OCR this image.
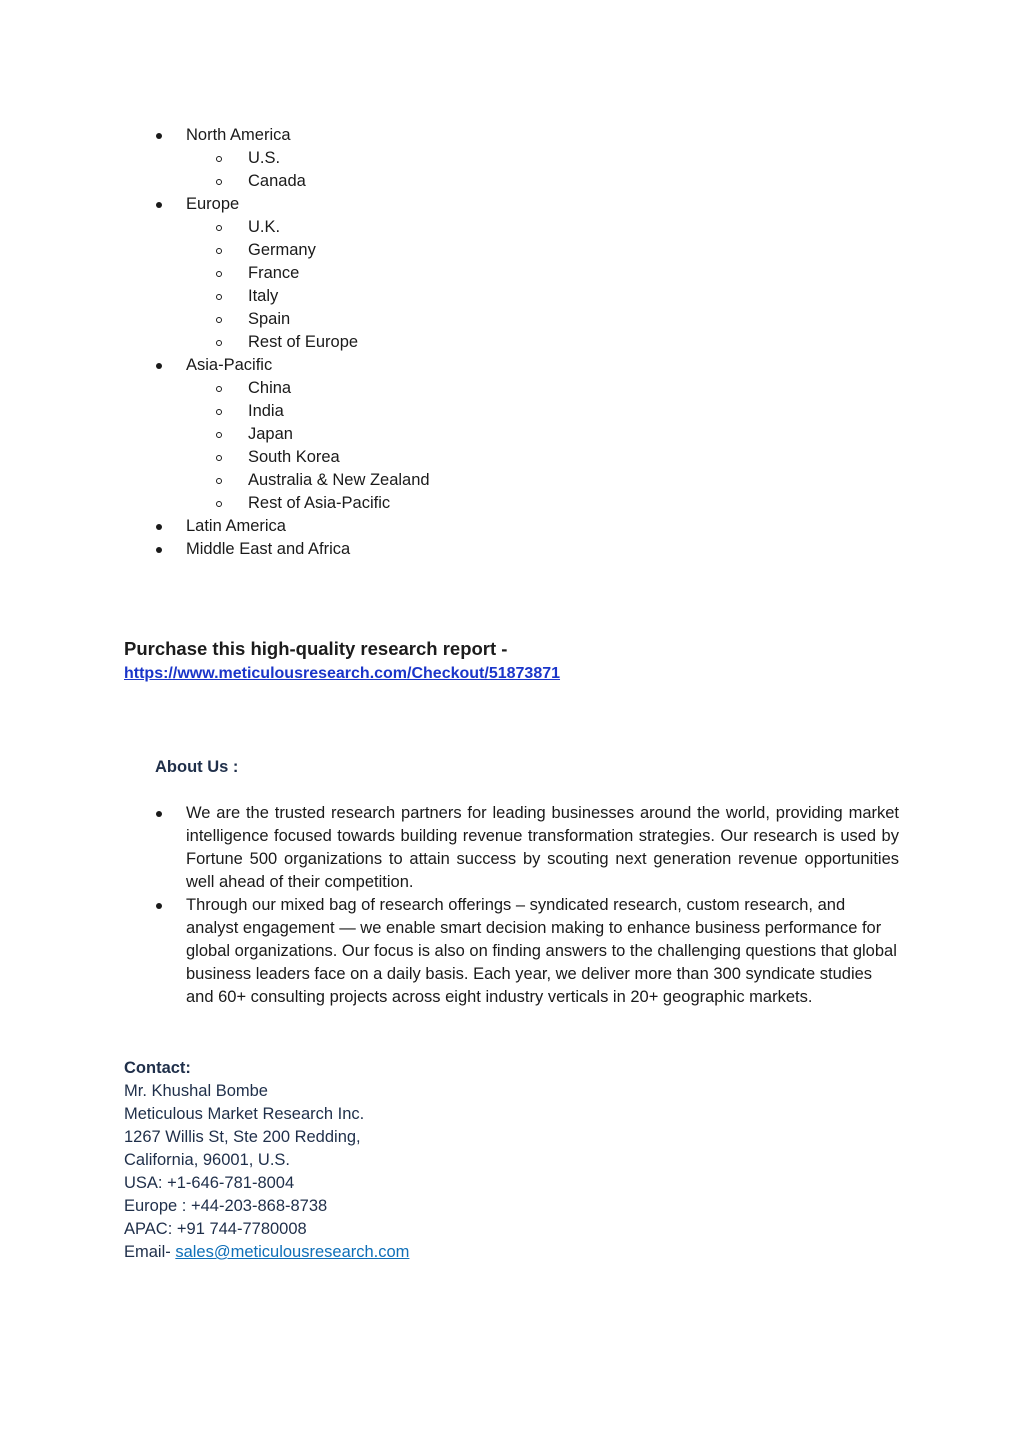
North America
U.S.
Canada
Europe
U.K.
Germany
France
Italy
Spain
Rest of Europe
Asia-Pacific
China
India
Japan
South Korea
Australia & New Zealand
Rest of Asia-Pacific
Latin America
Middle East and Africa
Purchase this high-quality research report -
https://www.meticulousresearch.com/Checkout/51873871
About Us :
We are the trusted research partners for leading businesses around the world, providing market intelligence focused towards building revenue transformation strategies. Our research is used by Fortune 500 organizations to attain success by scouting next generation revenue opportunities well ahead of their competition.
Through our mixed bag of research offerings – syndicated research, custom research, and analyst engagement — we enable smart decision making to enhance business performance for global organizations. Our focus is also on finding answers to the challenging questions that global business leaders face on a daily basis. Each year, we deliver more than 300 syndicate studies and 60+ consulting projects across eight industry verticals in 20+ geographic markets.
Contact:
Mr. Khushal Bombe
Meticulous Market Research Inc.
1267 Willis St, Ste 200 Redding,
California, 96001, U.S.
USA: +1-646-781-8004
Europe : +44-203-868-8738
APAC: +91 744-7780008
Email- sales@meticulousresearch.com
